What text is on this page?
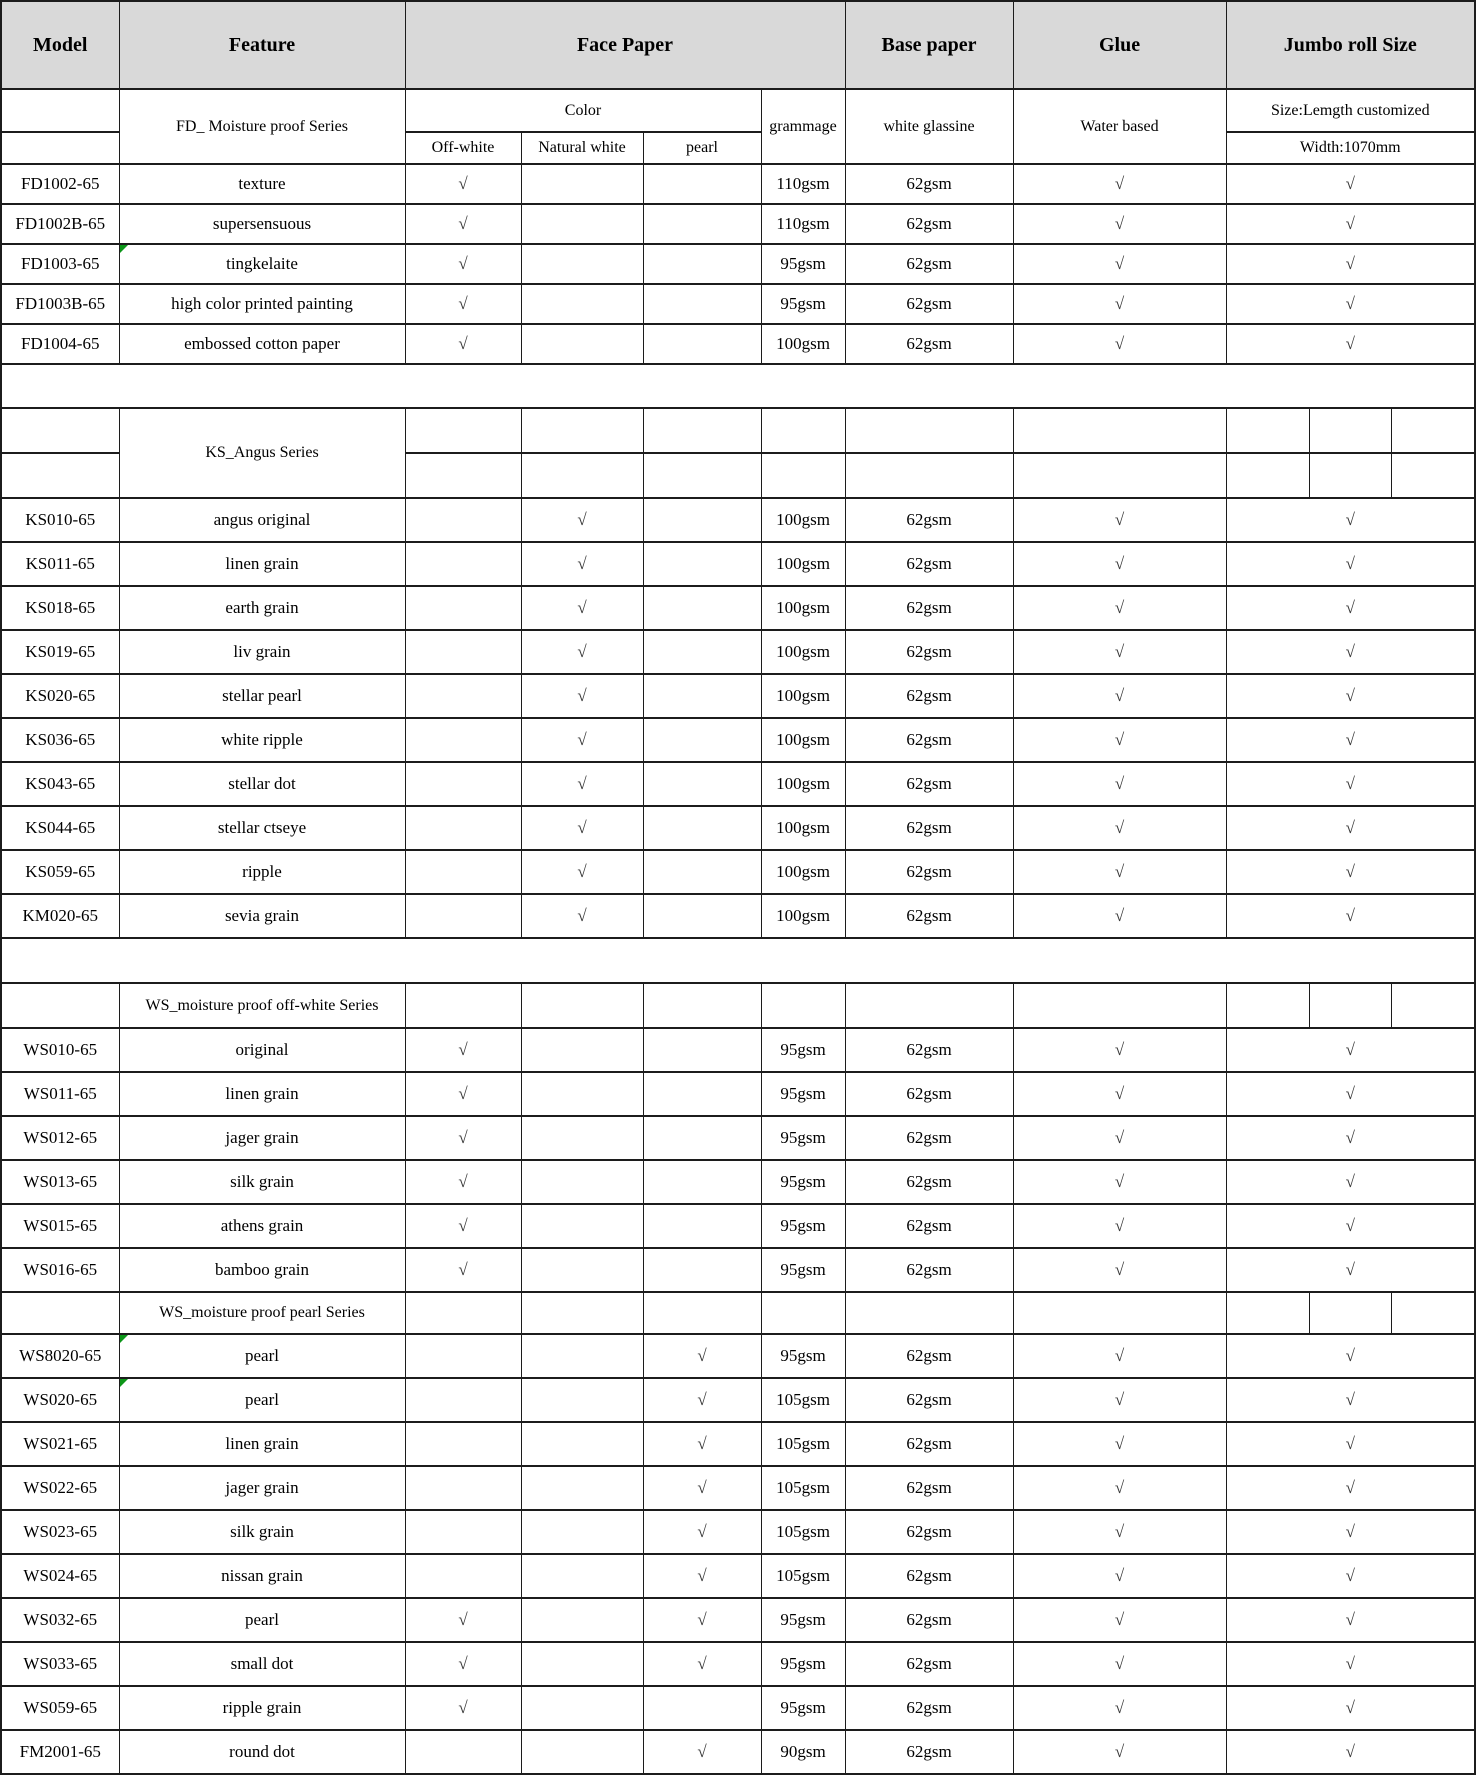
Model	Feature	Face Paper				Base paper	Glue	Jumbo roll Size
	FD_ Moisture proof Series	Color			grammage	white glassine	Water based	Size:Lemgth customized
		Off-white	Natural white	pearl				Width:1070mm
FD1002-65	texture	√			110gsm	62gsm	√	√
FD1002B-65	supersensuous	√			110gsm	62gsm	√	√
FD1003-65	tingkelaite	√			95gsm	62gsm	√	√
FD1003B-65	high color printed painting	√			95gsm	62gsm	√	√
FD1004-65	embossed cotton paper	√			100gsm	62gsm	√	√

	KS_Angus Series							

KS010-65	angus original		√		100gsm	62gsm	√	√
KS011-65	linen grain		√		100gsm	62gsm	√	√
KS018-65	earth grain		√		100gsm	62gsm	√	√
KS019-65	liv grain		√		100gsm	62gsm	√	√
KS020-65	stellar pearl		√		100gsm	62gsm	√	√
KS036-65	white ripple		√		100gsm	62gsm	√	√
KS043-65	stellar dot		√		100gsm	62gsm	√	√
KS044-65	stellar ctseye		√		100gsm	62gsm	√	√
KS059-65	ripple		√		100gsm	62gsm	√	√
KM020-65	sevia grain		√		100gsm	62gsm	√	√

	WS_moisture proof off-white Series							

WS010-65	original	√			95gsm	62gsm	√	√
WS011-65	linen grain	√			95gsm	62gsm	√	√
WS012-65	jager grain	√			95gsm	62gsm	√	√
WS013-65	silk grain	√			95gsm	62gsm	√	√
WS015-65	athens grain	√			95gsm	62gsm	√	√
WS016-65	bamboo grain	√			95gsm	62gsm	√	√
	WS_moisture proof pearl Series							

WS8020-65	pearl			√	95gsm	62gsm	√	√
WS020-65	pearl			√	105gsm	62gsm	√	√
WS021-65	linen grain			√	105gsm	62gsm	√	√
WS022-65	jager grain			√	105gsm	62gsm	√	√
WS023-65	silk grain			√	105gsm	62gsm	√	√
WS024-65	nissan grain			√	105gsm	62gsm	√	√
WS032-65	pearl	√		√	95gsm	62gsm	√	√
WS033-65	small dot	√		√	95gsm	62gsm	√	√
WS059-65	ripple grain	√			95gsm	62gsm	√	√
FM2001-65	round dot			√	90gsm	62gsm	√	√
